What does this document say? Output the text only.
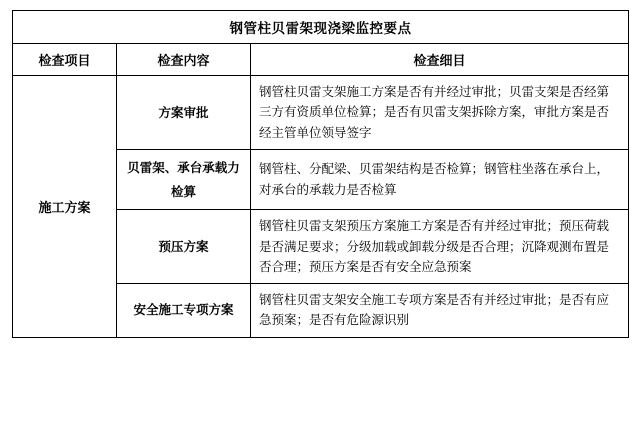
钢管柱贝雷架现浇梁监控要点		
检查项目	检查内容	检查细目
施工方案	方案审批	钢管柱贝雷支架施工方案是否有并经过审批；贝雷支架是否经第三方有资质单位检算；是否有贝雷支架拆除方案，审批方案是否经主管单位领导签字
	贝雷架、承台承载力检算	钢管柱、分配梁、贝雷架结构是否检算；钢管柱坐落在承台上，对承台的承载力是否检算
	预压方案	钢管柱贝雷支架预压方案施工方案是否有并经过审批；预压荷载是否满足要求；分级加载或卸载分级是否合理；沉降观测布置是否合理；预压方案是否有安全应急预案
	安全施工专项方案	钢管柱贝雷支架安全施工专项方案是否有并经过审批；是否有应急预案；是否有危险源识别
